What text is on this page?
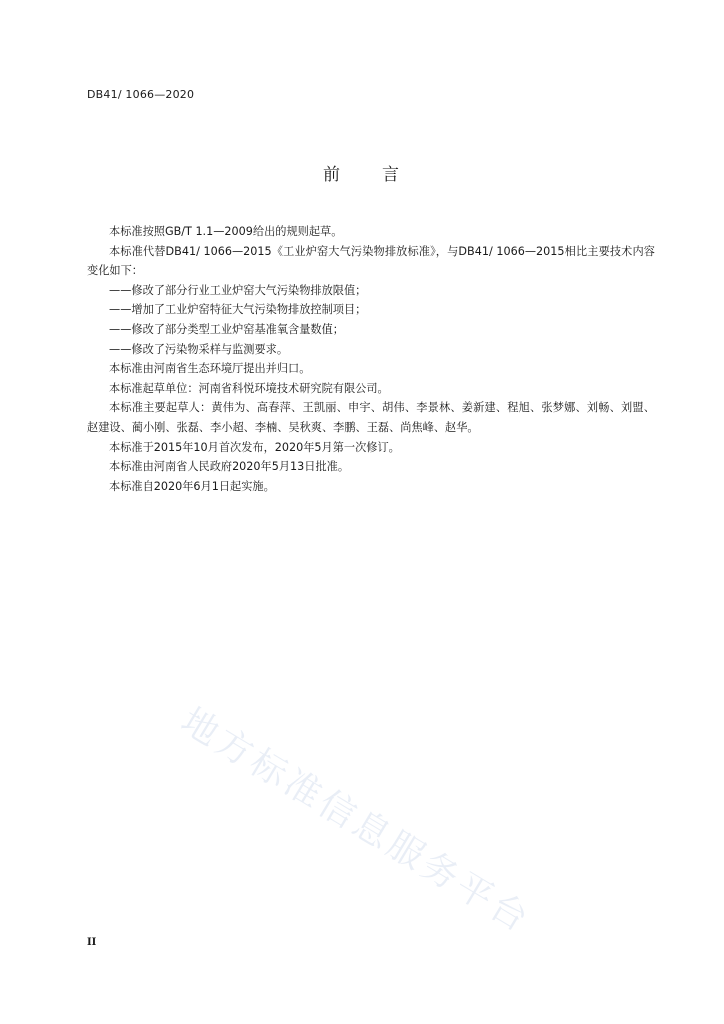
DB41/ 1066—2020
前 言

本标准按照GB/T 1.1—2009给出的规则起草。

本标准代替DB41/ 1066—2015《工业炉窑大气污染物排放标准》，与DB41/ 1066—2015相比主要技术内容变化如下：

——修改了部分行业工业炉窑大气污染物排放限值；

——增加了工业炉窑特征大气污染物排放控制项目；

——修改了部分类型工业炉窑基准氧含量数值；

——修改了污染物采样与监测要求。

本标准由河南省生态环境厅提出并归口。

本标准起草单位：河南省科悦环境技术研究院有限公司。

本标准主要起草人：黄伟为、高春萍、王凯丽、申宇、胡伟、李景林、姜新建、程旭、张梦娜、刘畅、刘盟、赵建设、蔺小刚、张磊、李小超、李楠、吴秋爽、李鹏、王磊、尚焦峰、赵华。

本标准于2015年10月首次发布，2020年5月第一次修订。

本标准由河南省人民政府2020年5月13日批准。

本标准自2020年6月1日起实施。

地方标准信息服务平台
II
